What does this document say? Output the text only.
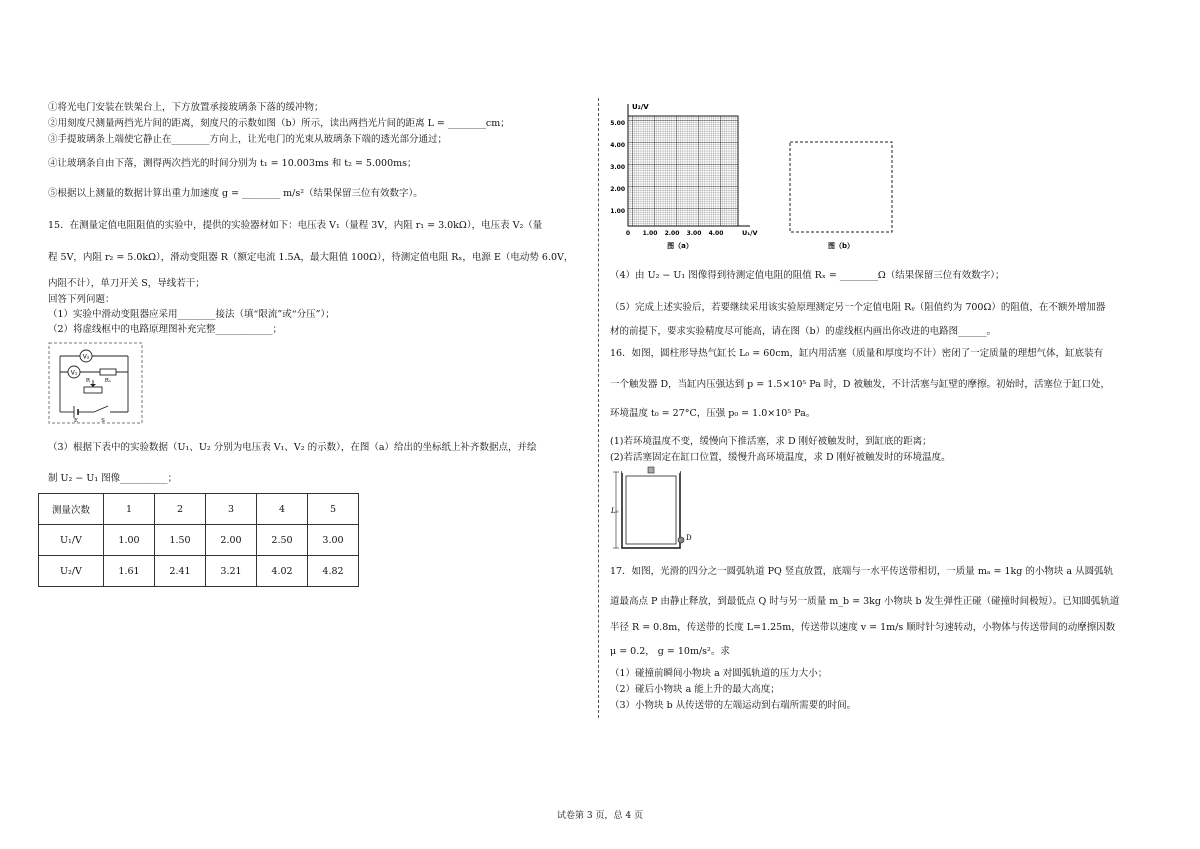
①将光电门安装在铁架台上，下方放置承接玻璃条下落的缓冲物；
②用刻度尺测量两挡光片间的距离，刻度尺的示数如图（b）所示，读出两挡光片间的距离 L = ________cm；
③手提玻璃条上端使它静止在________方向上，让光电门的光束从玻璃条下端的透光部分通过；
④让玻璃条自由下落，测得两次挡光的时间分别为 t₁ = 10.003ms 和 t₂ = 5.000ms；
⑤根据以上测量的数据计算出重力加速度 g = ________ m/s²（结果保留三位有效数字）。
15．在测量定值电阻阻值的实验中，提供的实验器材如下：电压表 V₁（量程 3V，内阻 r₁ = 3.0kΩ），电压表 V₂（量
程 5V，内阻 r₂ = 5.0kΩ），滑动变阻器 R（额定电流 1.5A，最大阻值 100Ω），待测定值电阻 Rₓ，电源 E（电动势 6.0V，
内阻不计），单刀开关 S，导线若干；
回答下列问题：
（1）实验中滑动变阻器应采用________接法（填“限流”或“分压”）；
（2）将虚线框中的电路原理图补充完整____________；
V₂
V₁
Rₓ
R
E	S
（3）根据下表中的实验数据（U₁、U₂ 分别为电压表 V₁、V₂ 的示数），在图（a）给出的坐标纸上补齐数据点，并绘
制 U₂ − U₁ 图像__________；
测量次数	1	2	3	4	5
U₁/V	1.00	1.50	2.00	2.50	3.00
U₂/V	1.61	2.41	3.21	4.02	4.82
U₂/V
5.00
4.00
3.00
2.00
1.00
0 1.00 2.00 3.00 4.00	U₁/V
图（a）	图（b）
（4）由 U₂ − U₁ 图像得到待测定值电阻的阻值 Rₓ = ________Ω（结果保留三位有效数字）；
（5）完成上述实验后，若要继续采用该实验原理测定另一个定值电阻 Rᵧ（阻值约为 700Ω）的阻值，在不额外增加器
材的前提下，要求实验精度尽可能高，请在图（b）的虚线框内画出你改进的电路图______。
16．如图，圆柱形导热气缸长 L₀ = 60cm，缸内用活塞（质量和厚度均不计）密闭了一定质量的理想气体，缸底装有
一个触发器 D，当缸内压强达到 p = 1.5×10⁵ Pa 时，D 被触发，不计活塞与缸壁的摩擦。初始时，活塞位于缸口处，
环境温度 t₀ = 27°C，压强 p₀ = 1.0×10⁵ Pa。
(1)若环境温度不变，缓慢向下推活塞，求 D 刚好被触发时，到缸底的距离；
(2)若活塞固定在缸口位置，缓慢升高环境温度，求 D 刚好被触发时的环境温度。
L₀
D
17．如图，光滑的四分之一圆弧轨道 PQ 竖直放置，底端与一水平传送带相切，一质量 mₐ = 1kg 的小物块 a 从圆弧轨
道最高点 P 由静止释放，到最低点 Q 时与另一质量 m_b = 3kg 小物块 b 发生弹性正碰（碰撞时间极短）。已知圆弧轨道
半径 R = 0.8m，传送带的长度 L=1.25m，传送带以速度 v = 1m/s 顺时针匀速转动，小物体与传送带间的动摩擦因数
μ = 0.2， g = 10m/s²。求
（1）碰撞前瞬间小物块 a 对圆弧轨道的压力大小；
（2）碰后小物块 a 能上升的最大高度；
（3）小物块 b 从传送带的左端运动到右端所需要的时间。
试卷第 3 页，总 4 页
